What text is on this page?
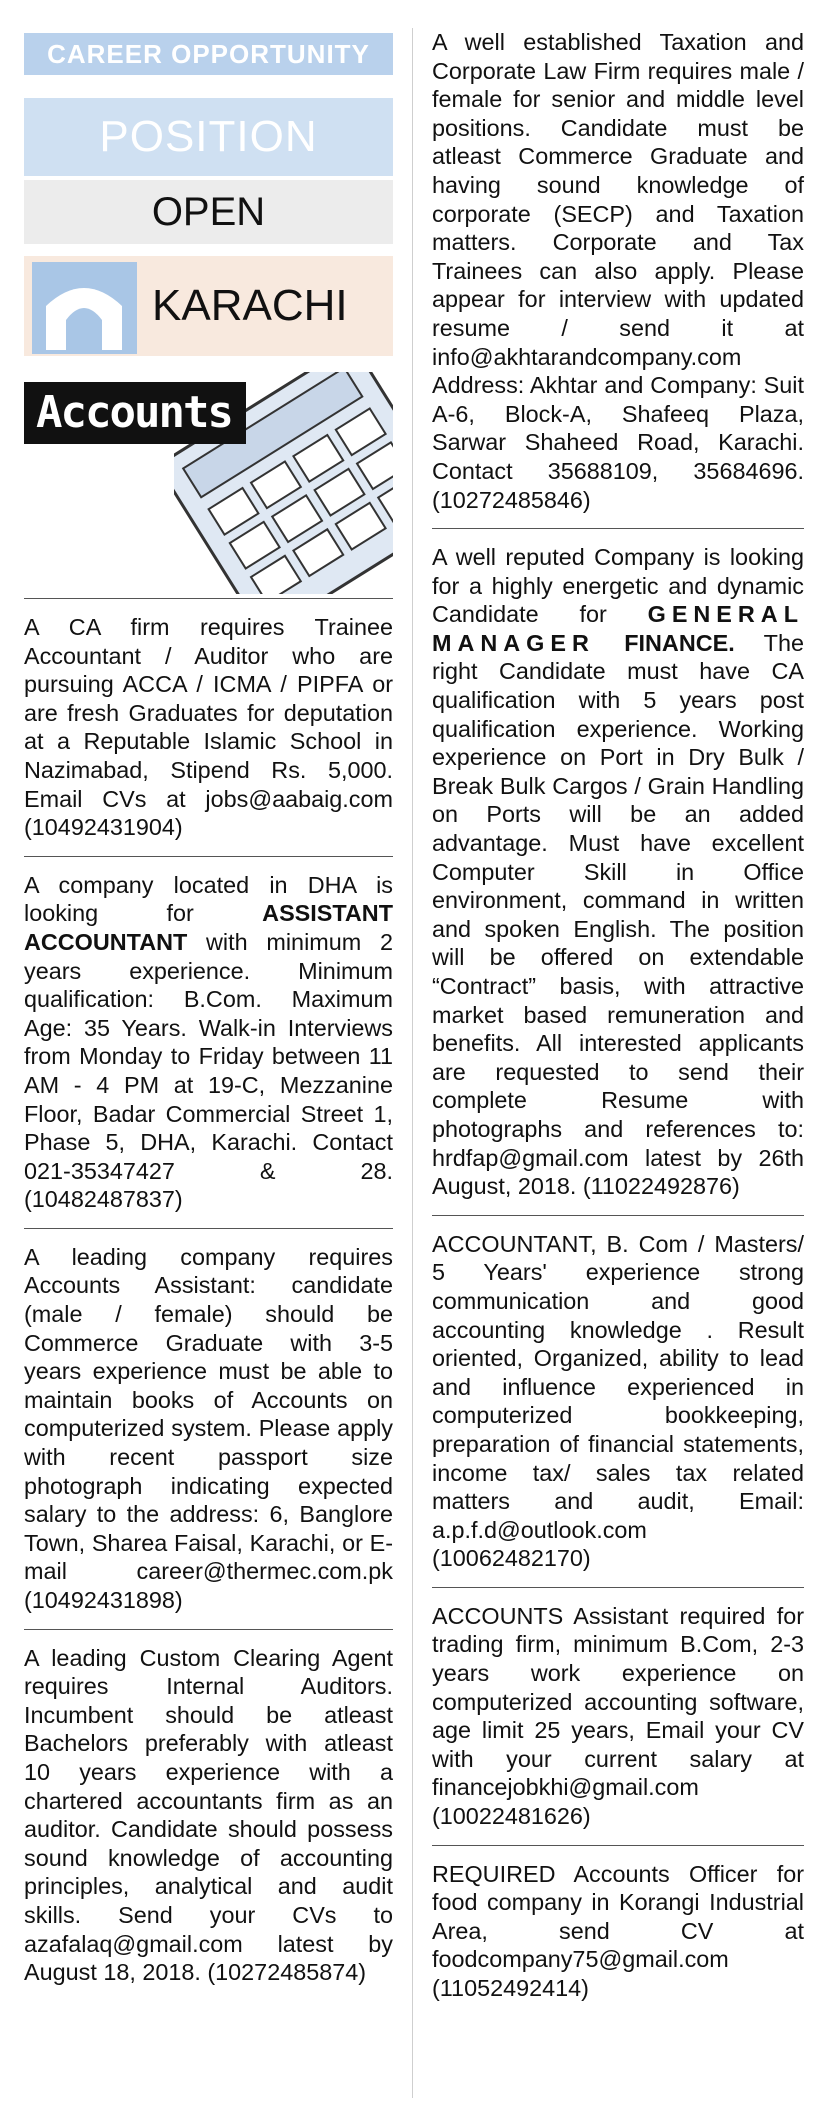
CAREER OPPORTUNITY
POSITION
OPEN
KARACHI
Accounts
A CA firm requires Trainee Accountant / Auditor who are pursuing ACCA / ICMA / PIPFA or are fresh Graduates for deputation at a Reputable Islamic School in Nazimabad, Stipend Rs. 5,000. Email CVs at jobs@aabaig.com (10492431904)
A company located in DHA is looking for ASSISTANT ACCOUNTANT with minimum 2 years experience. Minimum qualification: B.Com. Maximum Age: 35 Years. Walk-in Interviews from Monday to Friday between 11 AM - 4 PM at 19-C, Mezzanine Floor, Badar Commercial Street 1, Phase 5, DHA, Karachi. Contact 021-35347427 & 28. (10482487837)
A leading company requires Accounts Assistant: candidate (male / female) should be Commerce Graduate with 3-5 years experience must be able to maintain books of Accounts on computerized system. Please apply with recent passport size photograph indicating expected salary to the address: 6, Banglore Town, Sharea Faisal, Karachi, or E-mail career@thermec.com.pk (10492431898)
A leading Custom Clearing Agent requires Internal Auditors. Incumbent should be atleast Bachelors preferably with atleast 10 years experience with a chartered accountants firm as an auditor. Candidate should possess sound knowledge of accounting principles, analytical and audit skills. Send your CVs to azafalaq@gmail.com latest by August 18, 2018. (10272485874)
A well established Taxation and Corporate Law Firm requires male / female for senior and middle level positions. Candidate must be atleast Commerce Graduate and having sound knowledge of corporate (SECP) and Taxation matters. Corporate and Tax Trainees can also apply. Please appear for interview with updated resume / send it at info@akhtarandcompany.com Address: Akhtar and Company: Suit A-6, Block-A, Shafeeq Plaza, Sarwar Shaheed Road, Karachi. Contact 35688109, 35684696. (10272485846)
A well reputed Company is looking for a highly energetic and dynamic Candidate for GENERAL MANAGER FINANCE. The right Candidate must have CA qualification with 5 years post qualification experience. Working experience on Port in Dry Bulk / Break Bulk Cargos / Grain Handling on Ports will be an added advantage. Must have excellent Computer Skill in Office environment, command in written and spoken English. The position will be offered on extendable “Contract” basis, with attractive market based remuneration and benefits. All interested applicants are requested to send their complete Resume with photographs and references to: hrdfap@gmail.com latest by 26th August, 2018. (11022492876)
ACCOUNTANT, B. Com / Masters/ 5 Years' experience strong communication and good accounting knowledge . Result oriented, Organized, ability to lead and influence experienced in computerized bookkeeping, preparation of financial statements, income tax/ sales tax related matters and audit, Email: a.p.f.d@outlook.com (10062482170)
ACCOUNTS Assistant required for trading firm, minimum B.Com, 2-3 years work experience on computerized accounting software, age limit 25 years, Email your CV with your current salary at financejobkhi@gmail.com (10022481626)
REQUIRED Accounts Officer for food company in Korangi Industrial Area, send CV at foodcompany75@gmail.com (11052492414)
